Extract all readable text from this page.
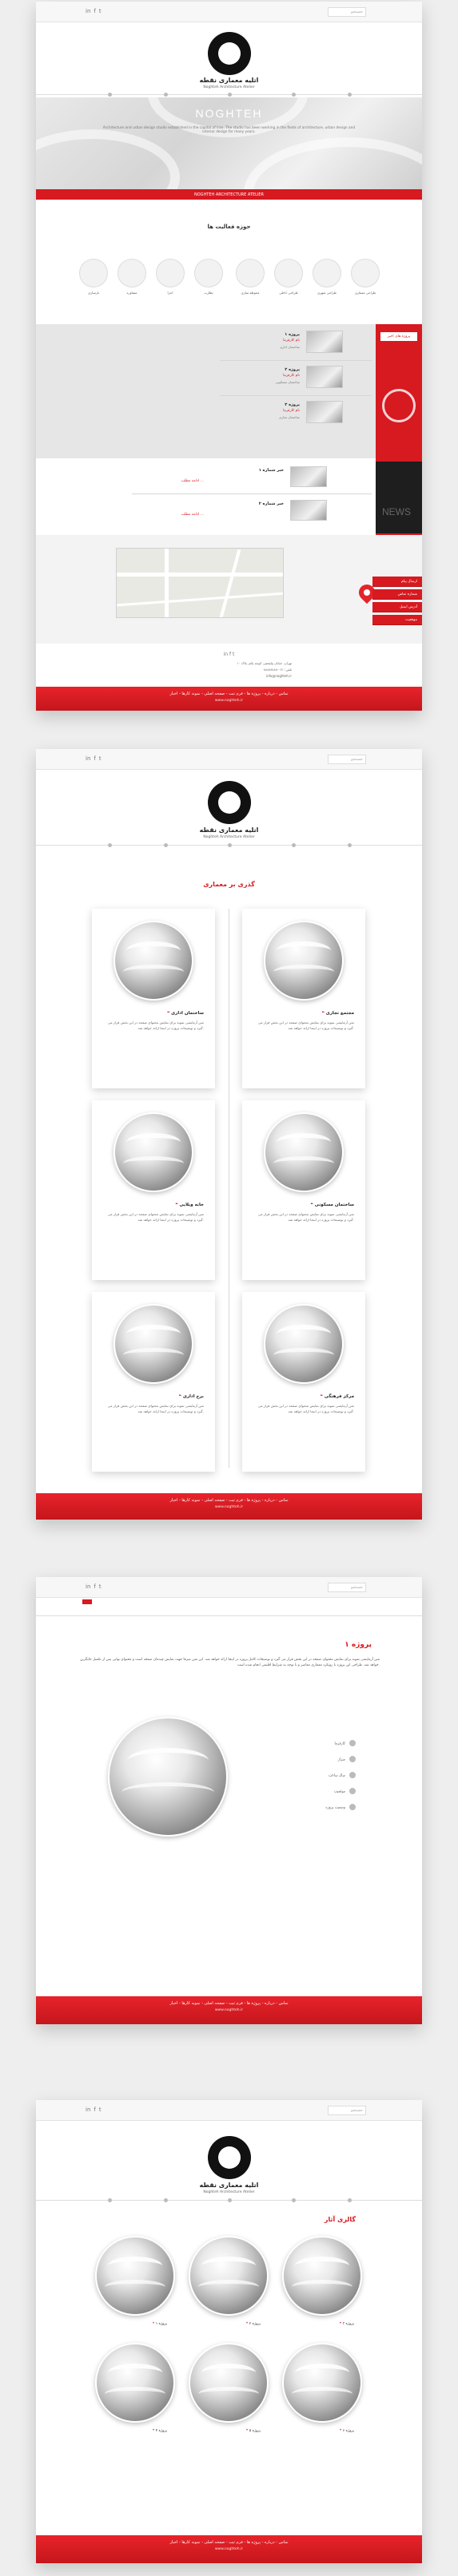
in f t	جستجو
اتلیه معماری نقطه
Noghteh Architecture Atelier
NOGHTEH
Architecture and urban design studio established in the capital of Iran. The studio has been working in the fields of architecture, urban design and interior design for many years.
NOGHTEH ARCHITECTURE ATELIER
حوزه فعالیت ها
بازسازی	مشاوره	اجرا	نظارت	محوطه سازی	طراحی داخلی	طراحی شهری	طراحی معماری
پروژه های اخیر
پروژه ۱
نام کارفرما
ساختمان اداری
پروژه ۲
نام کارفرما
ساختمان مسکونی
پروژه ۳
نام کارفرما
ساختمان تجاری
خبر شماره ۱
ادامه مطلب ...
خبر شماره ۲
ادامه مطلب ...	NEWS
ارسال پیام
شماره تماس
آدرس ایمیل
موقعیت
in f t
تهران، خیابان ولیعصر، کوچه یکم، پلاک ۱۰
تلفن: ۰۲۱-۸۸۸۸۸۸۸۸
info@noghteh.ir
تماس - درباره - پروژه ها - فرم ثبت - صفحه اصلی - نمونه کارها - اخبار
www.noghteh.ir
in f t	جستجو
اتلیه معماری نقطه
Noghteh Architecture Atelier
گذری بر معماری
❝ ساختمان اداری
متن آزمایشی نمونه برای نمایش محتوای صفحه در این بخش قرار می گیرد و توضیحات پروژه در اینجا ارائه خواهد شد.
❝ مجتمع تجاری
متن آزمایشی نمونه برای نمایش محتوای صفحه در این بخش قرار می گیرد و توضیحات پروژه در اینجا ارائه خواهد شد.
❝ خانه ویلایی
متن آزمایشی نمونه برای نمایش محتوای صفحه در این بخش قرار می گیرد و توضیحات پروژه در اینجا ارائه خواهد شد.
❝ ساختمان مسکونی
متن آزمایشی نمونه برای نمایش محتوای صفحه در این بخش قرار می گیرد و توضیحات پروژه در اینجا ارائه خواهد شد.
❝ برج اداری
متن آزمایشی نمونه برای نمایش محتوای صفحه در این بخش قرار می گیرد و توضیحات پروژه در اینجا ارائه خواهد شد.
❝ مرکز فرهنگی
متن آزمایشی نمونه برای نمایش محتوای صفحه در این بخش قرار می گیرد و توضیحات پروژه در اینجا ارائه خواهد شد.
تماس - درباره - پروژه ها - فرم ثبت - صفحه اصلی - نمونه کارها - اخبار
www.noghteh.ir
in f t	جستجو
پروژه ۱
متن آزمایشی نمونه برای نمایش محتوای صفحه در این بخش قرار می گیرد و توضیحات کامل پروژه در اینجا ارائه خواهد شد. این متن صرفا جهت نمایش چیدمان صفحه است و محتوای نهایی پس از تکمیل جایگزین خواهد شد. طراحی این پروژه با رویکرد معماری معاصر و با توجه به شرایط اقلیمی انجام شده است.
کارفرما
متراژ
سال ساخت
موقعیت
وضعیت پروژه
تماس - درباره - پروژه ها - فرم ثبت - صفحه اصلی - نمونه کارها - اخبار
www.noghteh.ir
in f t	جستجو
اتلیه معماری نقطه
Noghteh Architecture Atelier
گالری آثار
❝ پروژه ۱	❝ پروژه ۲	❝ پروژه ۳
❝ پروژه ۴	❝ پروژه ۵	❝ پروژه ۶
تماس - درباره - پروژه ها - فرم ثبت - صفحه اصلی - نمونه کارها - اخبار
www.noghteh.ir
